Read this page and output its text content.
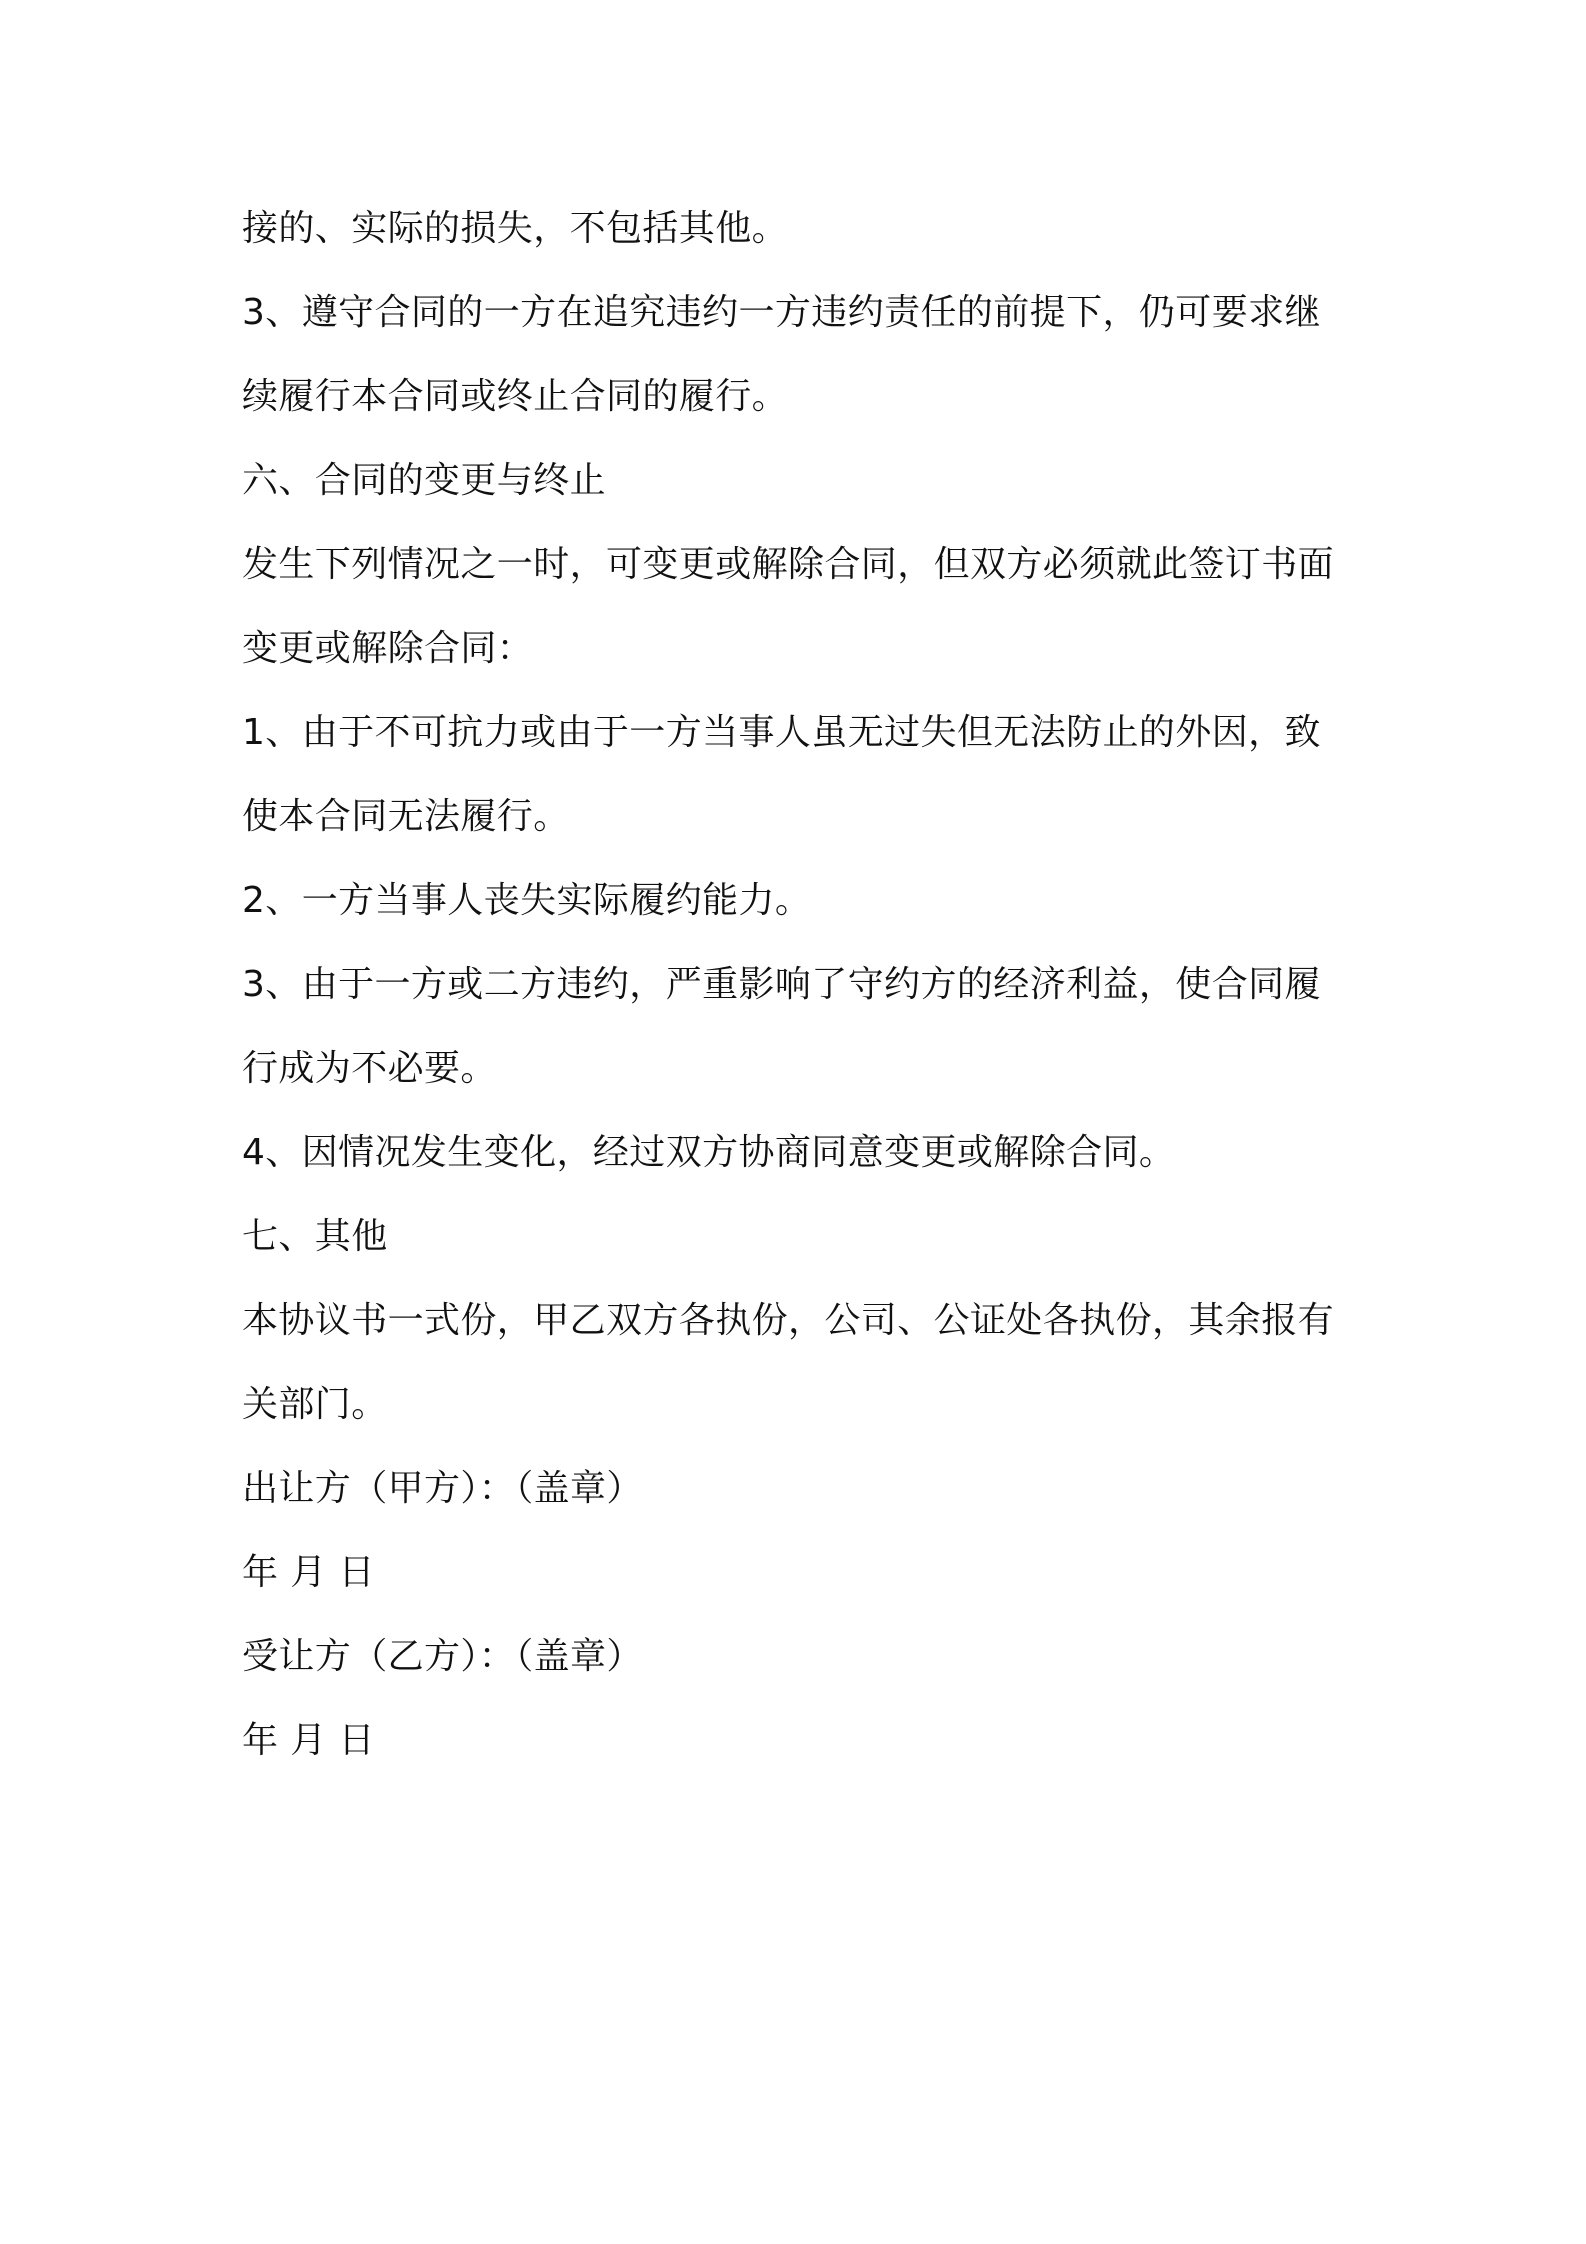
接的、实际的损失，不包括其他。

3、遵守合同的一方在追究违约一方违约责任的前提下，仍可要求继

续履行本合同或终止合同的履行。

六、合同的变更与终止

发生下列情况之一时，可变更或解除合同，但双方必须就此签订书面

变更或解除合同：

1、由于不可抗力或由于一方当事人虽无过失但无法防止的外因，致

使本合同无法履行。

2、一方当事人丧失实际履约能力。

3、由于一方或二方违约，严重影响了守约方的经济利益，使合同履

行成为不必要。

4、因情况发生变化，经过双方协商同意变更或解除合同。

七、其他

本协议书一式份，甲乙双方各执份，公司、公证处各执份，其余报有

关部门。

出让方（甲方）：（盖章）

年 月 日

受让方（乙方）：（盖章）

年 月 日
